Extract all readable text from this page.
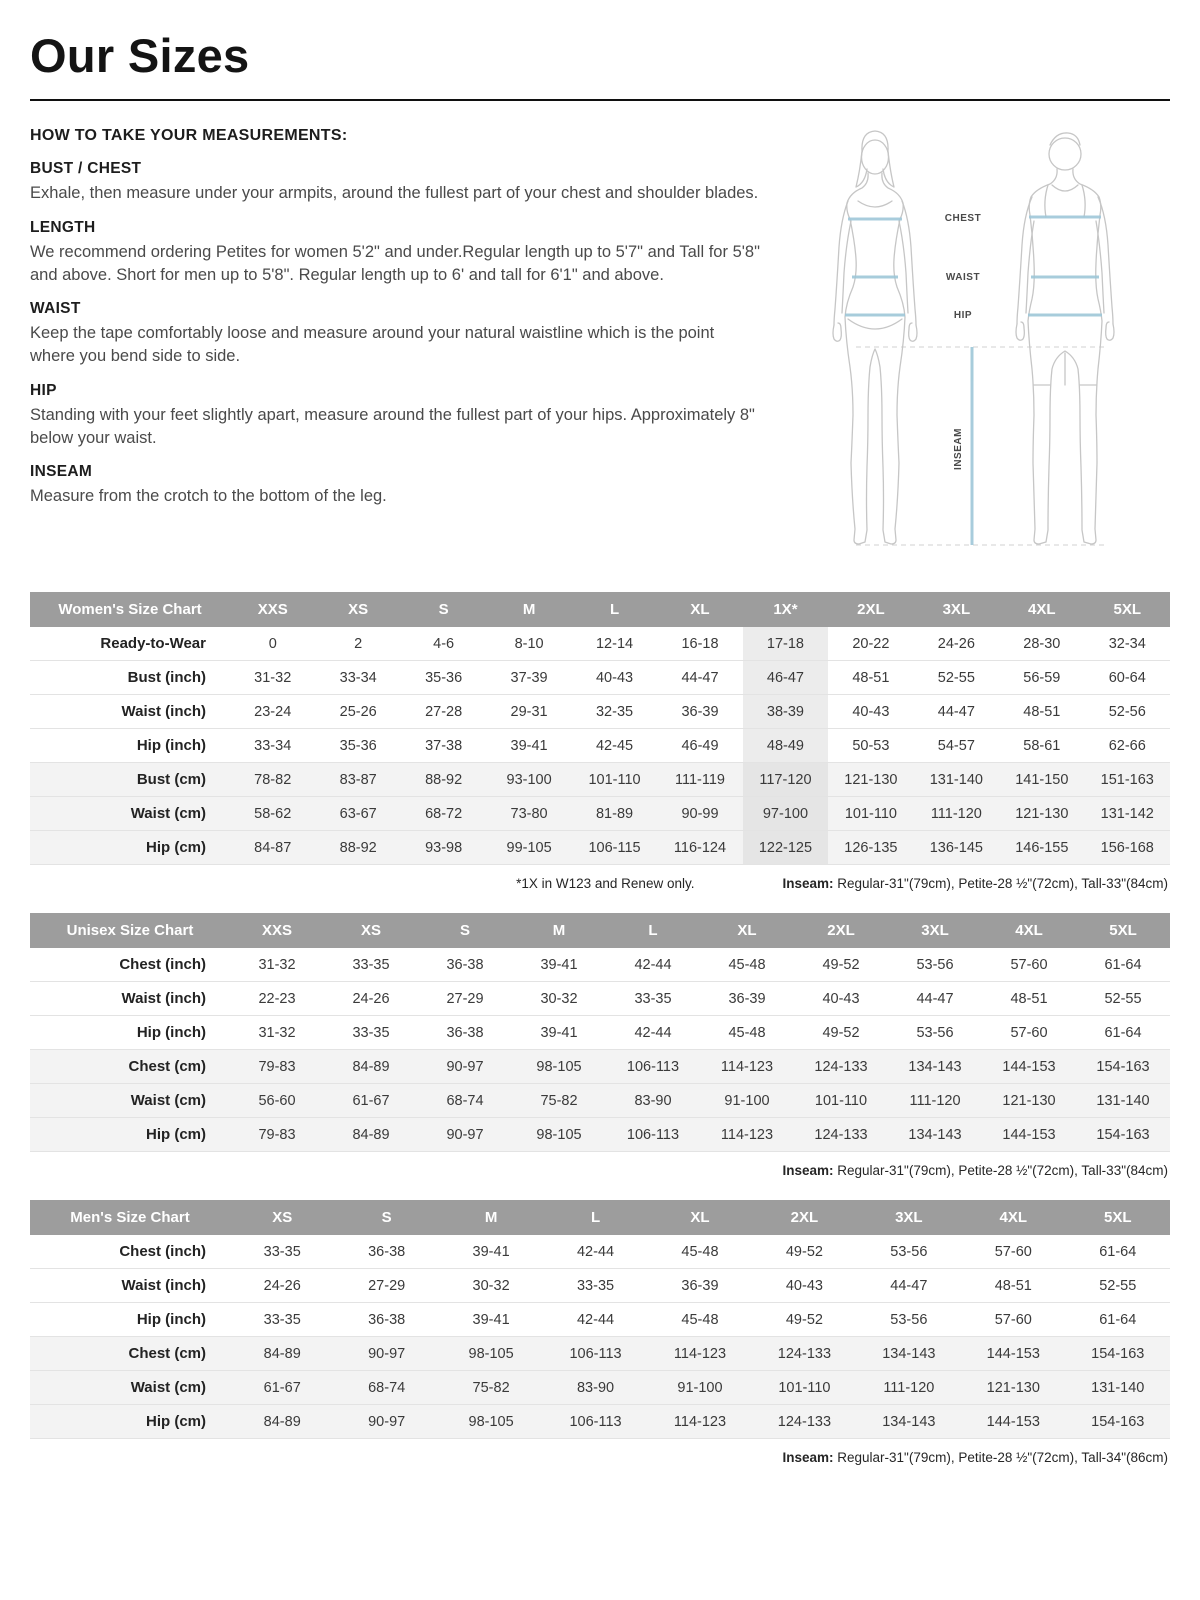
Our Sizes
HOW TO TAKE YOUR MEASUREMENTS:
BUST / CHEST

Exhale, then measure under your armpits, around the fullest part of your chest and shoulder blades.

LENGTH

We recommend ordering Petites for women 5'2" and under.Regular length up to 5'7" and Tall for 5'8" and above. Short for men up to 5'8". Regular length up to 6' and tall for 6'1" and above.

WAIST

Keep the tape comfortably loose and measure around your natural waistline which is the point where you bend side to side.

HIP

Standing with your feet slightly apart, measure around the fullest part of your hips. Approximately 8" below your waist.

INSEAM

Measure from the crotch to the bottom of the leg.

CHEST
WAIST
HIP
INSEAM
Women's Size Chart	XXS	XS	S	M	L	XL	1X*	2XL	3XL	4XL	5XL
Ready-to-Wear	0	2	4-6	8-10	12-14	16-18	17-18	20-22	24-26	28-30	32-34
Bust (inch)	31-32	33-34	35-36	37-39	40-43	44-47	46-47	48-51	52-55	56-59	60-64
Waist (inch)	23-24	25-26	27-28	29-31	32-35	36-39	38-39	40-43	44-47	48-51	52-56
Hip (inch)	33-34	35-36	37-38	39-41	42-45	46-49	48-49	50-53	54-57	58-61	62-66
Bust (cm)	78-82	83-87	88-92	93-100	101-110	111-119	117-120	121-130	131-140	141-150	151-163
Waist (cm)	58-62	63-67	68-72	73-80	81-89	90-99	97-100	101-110	111-120	121-130	131-142
Hip (cm)	84-87	88-92	93-98	99-105	106-115	116-124	122-125	126-135	136-145	146-155	156-168
*1X in W123 and Renew only.	Inseam: Regular-31"(79cm), Petite-28 ½"(72cm), Tall-33"(84cm)
Unisex Size Chart	XXS	XS	S	M	L	XL	2XL	3XL	4XL	5XL
Chest (inch)	31-32	33-35	36-38	39-41	42-44	45-48	49-52	53-56	57-60	61-64
Waist (inch)	22-23	24-26	27-29	30-32	33-35	36-39	40-43	44-47	48-51	52-55
Hip (inch)	31-32	33-35	36-38	39-41	42-44	45-48	49-52	53-56	57-60	61-64
Chest (cm)	79-83	84-89	90-97	98-105	106-113	114-123	124-133	134-143	144-153	154-163
Waist (cm)	56-60	61-67	68-74	75-82	83-90	91-100	101-110	111-120	121-130	131-140
Hip (cm)	79-83	84-89	90-97	98-105	106-113	114-123	124-133	134-143	144-153	154-163
Inseam: Regular-31"(79cm), Petite-28 ½"(72cm), Tall-33"(84cm)
Men's Size Chart	XS	S	M	L	XL	2XL	3XL	4XL	5XL
Chest (inch)	33-35	36-38	39-41	42-44	45-48	49-52	53-56	57-60	61-64
Waist (inch)	24-26	27-29	30-32	33-35	36-39	40-43	44-47	48-51	52-55
Hip (inch)	33-35	36-38	39-41	42-44	45-48	49-52	53-56	57-60	61-64
Chest (cm)	84-89	90-97	98-105	106-113	114-123	124-133	134-143	144-153	154-163
Waist (cm)	61-67	68-74	75-82	83-90	91-100	101-110	111-120	121-130	131-140
Hip (cm)	84-89	90-97	98-105	106-113	114-123	124-133	134-143	144-153	154-163
Inseam: Regular-31"(79cm), Petite-28 ½"(72cm), Tall-34"(86cm)
